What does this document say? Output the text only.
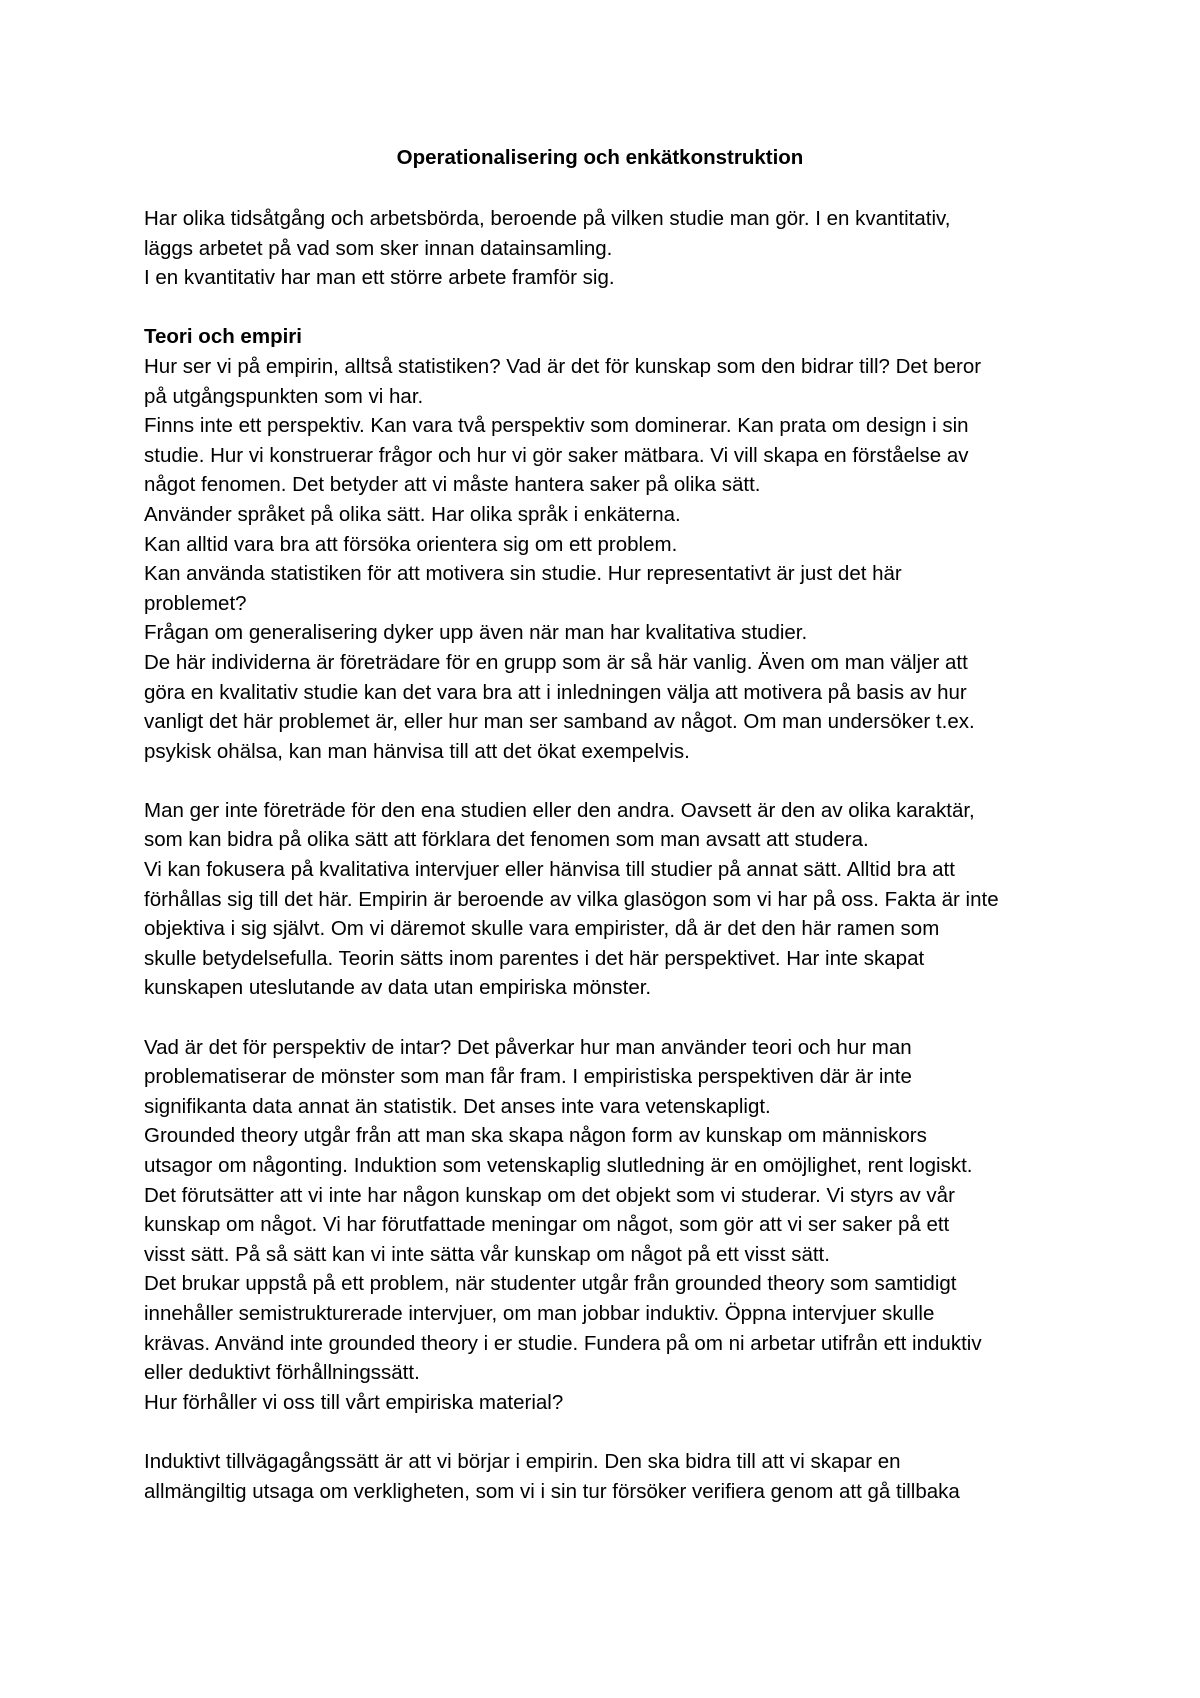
Operationalisering och enkätkonstruktion
Har olika tidsåtgång och arbetsbörda, beroende på vilken studie man gör. I en kvantitativ,
läggs arbetet på vad som sker innan datainsamling.
I en kvantitativ har man ett större arbete framför sig.
Teori och empiri
Hur ser vi på empirin, alltså statistiken? Vad är det för kunskap som den bidrar till? Det beror
på utgångspunkten som vi har.
Finns inte ett perspektiv. Kan vara två perspektiv som dominerar. Kan prata om design i sin
studie. Hur vi konstruerar frågor och hur vi gör saker mätbara. Vi vill skapa en förståelse av
något fenomen. Det betyder att vi måste hantera saker på olika sätt.
Använder språket på olika sätt. Har olika språk i enkäterna.
Kan alltid vara bra att försöka orientera sig om ett problem.
Kan använda statistiken för att motivera sin studie. Hur representativt är just det här
problemet?
Frågan om generalisering dyker upp även när man har kvalitativa studier.
De här individerna är företrädare för en grupp som är så här vanlig. Även om man väljer att
göra en kvalitativ studie kan det vara bra att i inledningen välja att motivera på basis av hur
vanligt det här problemet är, eller hur man ser samband av något. Om man undersöker t.ex.
psykisk ohälsa, kan man hänvisa till att det ökat exempelvis.
Man ger inte företräde för den ena studien eller den andra. Oavsett är den av olika karaktär,
som kan bidra på olika sätt att förklara det fenomen som man avsatt att studera.
Vi kan fokusera på kvalitativa intervjuer eller hänvisa till studier på annat sätt. Alltid bra att
förhållas sig till det här. Empirin är beroende av vilka glasögon som vi har på oss. Fakta är inte
objektiva i sig självt. Om vi däremot skulle vara empirister, då är det den här ramen som
skulle betydelsefulla. Teorin sätts inom parentes i det här perspektivet. Har inte skapat
kunskapen uteslutande av data utan empiriska mönster.
Vad är det för perspektiv de intar? Det påverkar hur man använder teori och hur man
problematiserar de mönster som man får fram. I empiristiska perspektiven där är inte
signifikanta data annat än statistik. Det anses inte vara vetenskapligt.
Grounded theory utgår från att man ska skapa någon form av kunskap om människors
utsagor om någonting. Induktion som vetenskaplig slutledning är en omöjlighet, rent logiskt.
Det förutsätter att vi inte har någon kunskap om det objekt som vi studerar. Vi styrs av vår
kunskap om något. Vi har förutfattade meningar om något, som gör att vi ser saker på ett
visst sätt. På så sätt kan vi inte sätta vår kunskap om något på ett visst sätt.
Det brukar uppstå på ett problem, när studenter utgår från grounded theory som samtidigt
innehåller semistrukturerade intervjuer, om man jobbar induktiv. Öppna intervjuer skulle
krävas. Använd inte grounded theory i er studie. Fundera på om ni arbetar utifrån ett induktiv
eller deduktivt förhållningssätt.
Hur förhåller vi oss till vårt empiriska material?
Induktivt tillvägagångssätt är att vi börjar i empirin. Den ska bidra till att vi skapar en
allmängiltig utsaga om verkligheten, som vi i sin tur försöker verifiera genom att gå tillbaka
